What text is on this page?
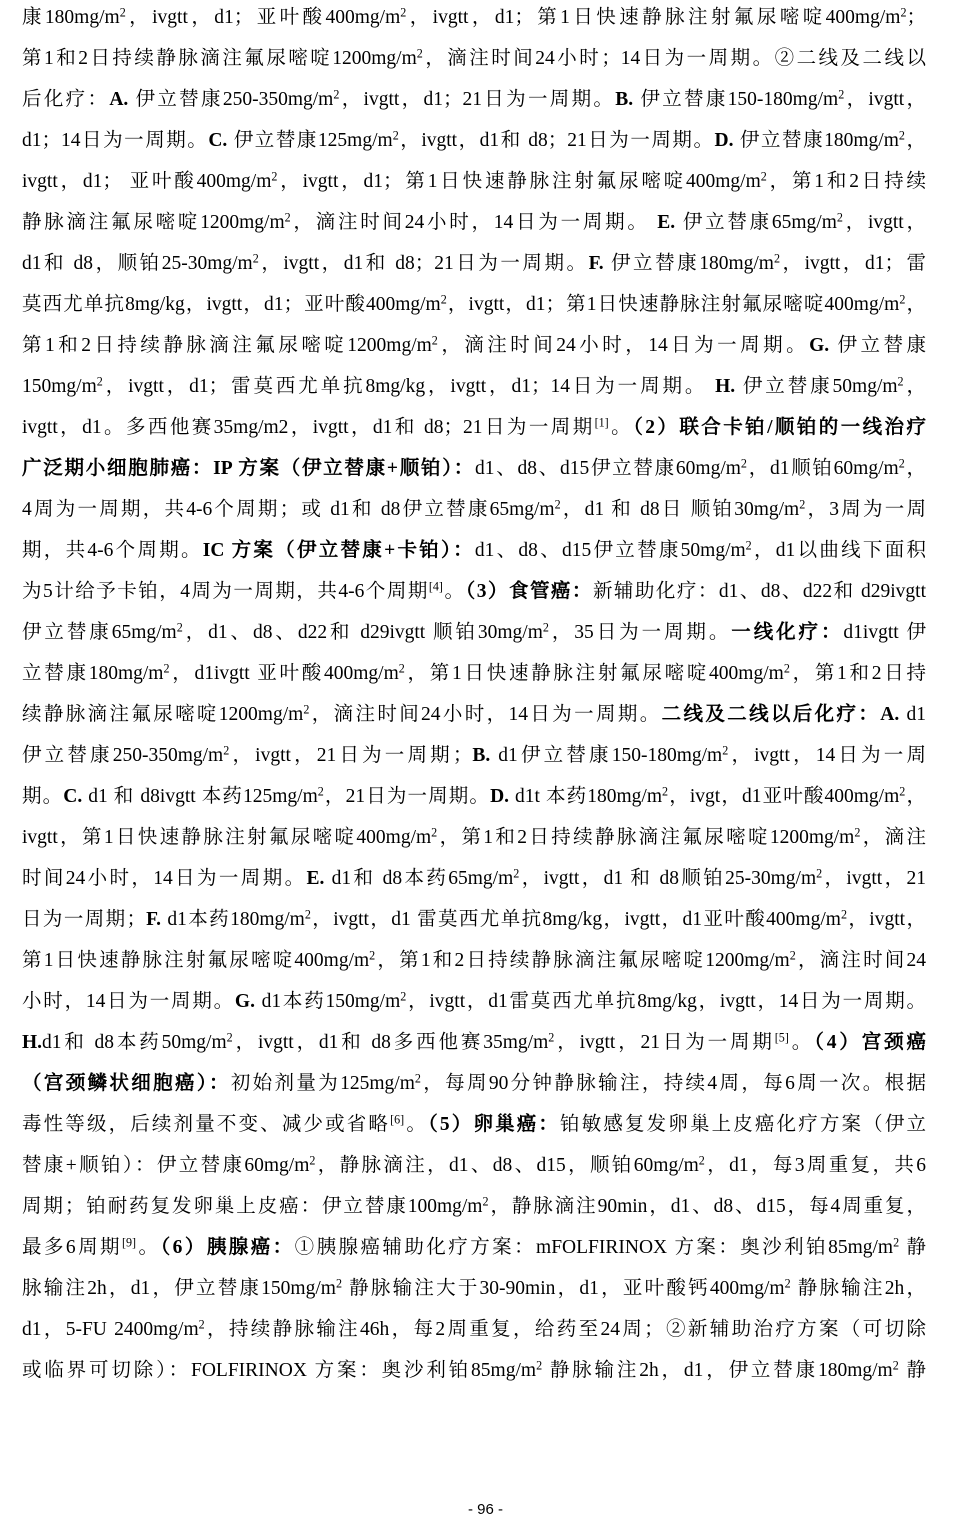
康$180mg/m^2$，ivgtt，d1；亚叶酸$400mg/m^2$，ivgtt，d1；第1日快速静脉注射氟尿嘧啶$400mg/m^2$；
第1和2日持续静脉滴注氟尿嘧啶$1200mg/m^2$，滴注时间24小时；14日为一周期。②二线及二线以
后化疗：A. 伊立替康$250-350mg/m^2$，ivgtt，d1；21日为一周期。B. 伊立替康$150-180mg/m^2$，ivgtt，
d1；14日为一周期。C. 伊立替康$125mg/m^2$，ivgtt，d1和 d8；21日为一周期。D. 伊立替康$180mg/m^2$，
ivgtt，d1； 亚叶酸$400mg/m^2$，ivgtt，d1；第1日快速静脉注射氟尿嘧啶$400mg/m^2$，第1和2日持续
静脉滴注氟尿嘧啶$1200mg/m^2$，滴注时间24小时，14日为一周期。 E. 伊立替康$65mg/m^2$，ivgtt，
d1和 d8，顺铂$25-30mg/m^2$，ivgtt，d1和 d8；21日为一周期。F. 伊立替康$180mg/m^2$，ivgtt，d1；雷
莫西尤单抗8mg/kg，ivgtt，d1；亚叶酸$400mg/m^2$，ivgtt，d1；第1日快速静脉注射氟尿嘧啶$400mg/m^2$，
第1和2日持续静脉滴注氟尿嘧啶$1200mg/m^2$，滴注时间24小时，14日为一周期。G. 伊立替康
$150mg/m^2$，ivgtt，d1；雷莫西尤单抗8mg/kg，ivgtt，d1；14日为一周期。 H. 伊立替康$50mg/m^2$，
ivgtt，d1。多西他赛35mg/m2，ivgtt，d1和 d8；21日为一周期[1]。（2）联合卡铂/顺铂的一线治疗
广泛期小细胞肺癌：IP 方案（伊立替康+顺铂）：d1、d8、d15伊立替康$60mg/m^2$，d1顺铂$60mg/m^2$，
4周为一周期，共4-6个周期；或 d1和 d8伊立替康$65mg/m^2$，d1 和 d8日 顺铂$30mg/m^2$，3周为一周
期，共4-6个周期。IC 方案（伊立替康+卡铂）：d1、d8、d15伊立替康$50mg/m^2$，d1以曲线下面积
为5计给予卡铂，4周为一周期，共4-6个周期[4]。（3）食管癌：新辅助化疗：d1、d8、d22和 d29ivgtt
伊立替康$65mg/m^2$，d1、d8、d22和 d29ivgtt 顺铂$30mg/m^2$，35日为一周期。一线化疗：d1ivgtt 伊
立替康$180mg/m^2$，d1ivgtt 亚叶酸$400mg/m^2$，第1日快速静脉注射氟尿嘧啶$400mg/m^2$，第1和2日持
续静脉滴注氟尿嘧啶$1200mg/m^2$，滴注时间24小时，14日为一周期。二线及二线以后化疗：A. d1
伊立替康$250-350mg/m^2$，ivgtt，21日为一周期；B. d1伊立替康$150-180mg/m^2$，ivgtt，14日为一周
期。C. d1 和 d8ivgtt 本药$125mg/m^2$，21日为一周期。D. d1t 本药$180mg/m^2$，ivgt，d1亚叶酸$400mg/m^2$，
ivgtt，第1日快速静脉注射氟尿嘧啶$400mg/m^2$，第1和2日持续静脉滴注氟尿嘧啶$1200mg/m^2$，滴注
时间24小时，14日为一周期。E. d1和 d8本药$65mg/m^2$，ivgtt，d1 和 d8顺铂$25-30mg/m^2$，ivgtt，21
日为一周期；F. d1本药$180mg/m^2$，ivgtt，d1 雷莫西尤单抗8mg/kg，ivgtt，d1亚叶酸$400mg/m^2$，ivgtt，
第1日快速静脉注射氟尿嘧啶$400mg/m^2$，第1和2日持续静脉滴注氟尿嘧啶$1200mg/m^2$，滴注时间24
小时，14日为一周期。G. d1本药$150mg/m^2$，ivgtt，d1雷莫西尤单抗8mg/kg，ivgtt，14日为一周期。
H.d1和 d8本药$50mg/m^2$，ivgtt，d1和 d8多西他赛$35mg/m^2$，ivgtt，21日为一周期[5]。（4）宫颈癌
（宫颈鳞状细胞癌）：初始剂量为$125mg/m^2$，每周90分钟静脉输注，持续4周，每6周一次。根据
毒性等级，后续剂量不变、减少或省略[6]。（5）卵巢癌：铂敏感复发卵巢上皮癌化疗方案（伊立
替康+顺铂）：伊立替康$60mg/m^2$，静脉滴注，d1、d8、d15，顺铂$60mg/m^2$，d1，每3周重复，共6
周期；铂耐药复发卵巢上皮癌：伊立替康$100mg/m^2$，静脉滴注90min，d1、d8、d15，每4周重复，
最多6周期[9]。（6）胰腺癌：①胰腺癌辅助化疗方案：mFOLFIRINOX 方案：奥沙利铂$85mg/m^2$ 静
脉输注2h，d1，伊立替康$150mg/m^2$ 静脉输注大于30-90min，d1，亚叶酸钙$400mg/m^2$ 静脉输注2h，
d1，5-FU $2400mg/m^2$，持续静脉输注46h，每2周重复，给药至24周；②新辅助治疗方案（可切除
或临界可切除）：FOLFIRINOX 方案：奥沙利铂$85mg/m^2$ 静脉输注2h，d1，伊立替康$180mg/m^2$ 静
- 96 -
